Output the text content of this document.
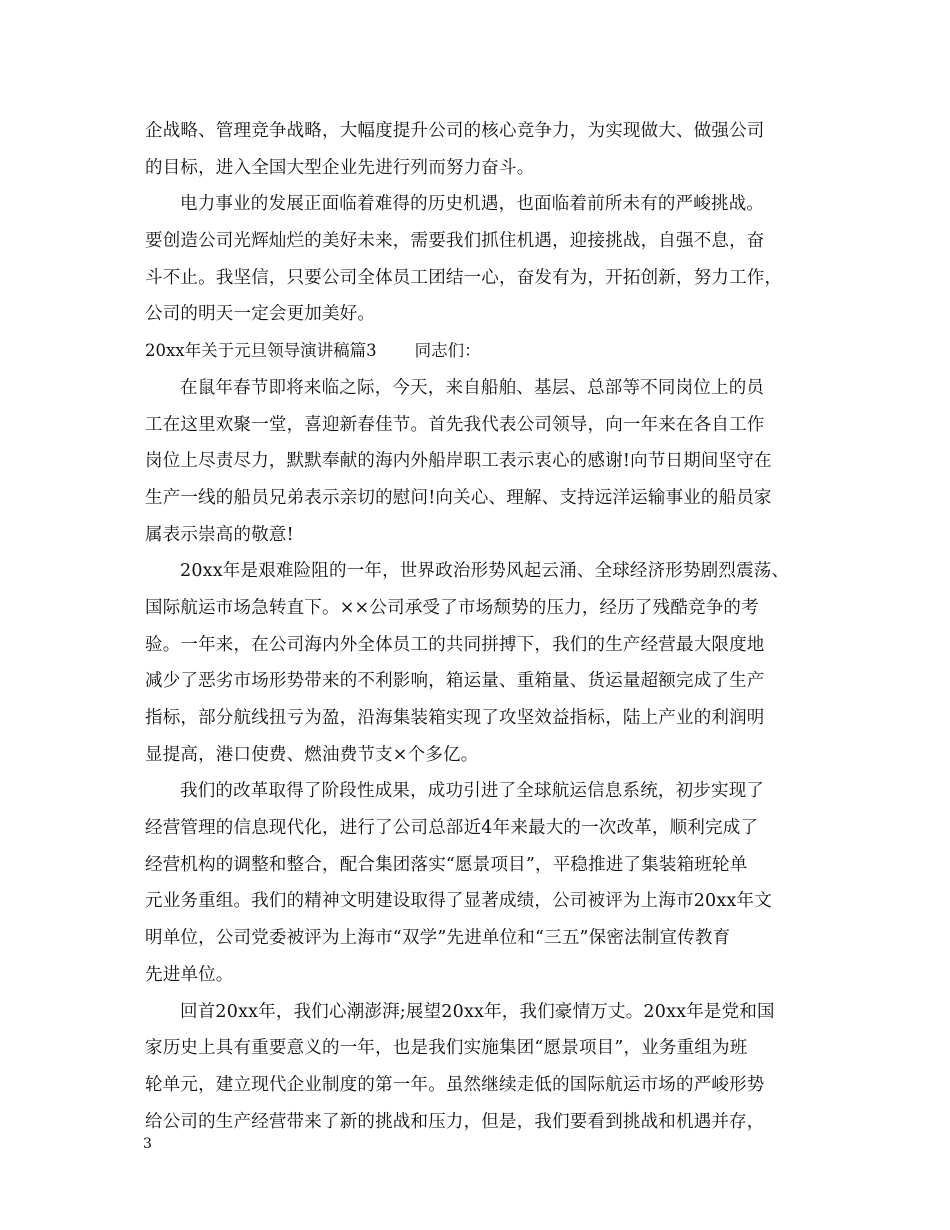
企战略、管理竞争战略，大幅度提升公司的核心竞争力，为实现做大、做强公司
的目标，进入全国大型企业先进行列而努力奋斗。
电力事业的发展正面临着难得的历史机遇，也面临着前所未有的严峻挑战。
要创造公司光辉灿烂的美好未来，需要我们抓住机遇，迎接挑战，自强不息，奋
斗不止。我坚信，只要公司全体员工团结一心，奋发有为，开拓创新，努力工作，
公司的明天一定会更加美好。
20xx年关于元旦领导演讲稿篇3 同志们：
在鼠年春节即将来临之际，今天，来自船舶、基层、总部等不同岗位上的员
工在这里欢聚一堂，喜迎新春佳节。首先我代表公司领导，向一年来在各自工作
岗位上尽责尽力，默默奉献的海内外船岸职工表示衷心的感谢!向节日期间坚守在
生产一线的船员兄弟表示亲切的慰问!向关心、理解、支持远洋运输事业的船员家
属表示崇高的敬意!
20xx年是艰难险阻的一年，世界政治形势风起云涌、全球经济形势剧烈震荡、
国际航运市场急转直下。××公司承受了市场颓势的压力，经历了残酷竞争的考
验。一年来，在公司海内外全体员工的共同拼搏下，我们的生产经营最大限度地
减少了恶劣市场形势带来的不利影响，箱运量、重箱量、货运量超额完成了生产
指标，部分航线扭亏为盈，沿海集装箱实现了攻坚效益指标，陆上产业的利润明
显提高，港口使费、燃油费节支×个多亿。
我们的改革取得了阶段性成果，成功引进了全球航运信息系统，初步实现了
经营管理的信息现代化，进行了公司总部近4年来最大的一次改革，顺利完成了
经营机构的调整和整合，配合集团落实“愿景项目”，平稳推进了集装箱班轮单
元业务重组。我们的精神文明建设取得了显著成绩，公司被评为上海市20xx年文
明单位，公司党委被评为上海市“双学”先进单位和“三五”保密法制宣传教育
先进单位。
回首20xx年，我们心潮澎湃;展望20xx年，我们豪情万丈。20xx年是党和国
家历史上具有重要意义的一年，也是我们实施集团“愿景项目”，业务重组为班
轮单元，建立现代企业制度的第一年。虽然继续走低的国际航运市场的严峻形势
给公司的生产经营带来了新的挑战和压力，但是，我们要看到挑战和机遇并存，
3
